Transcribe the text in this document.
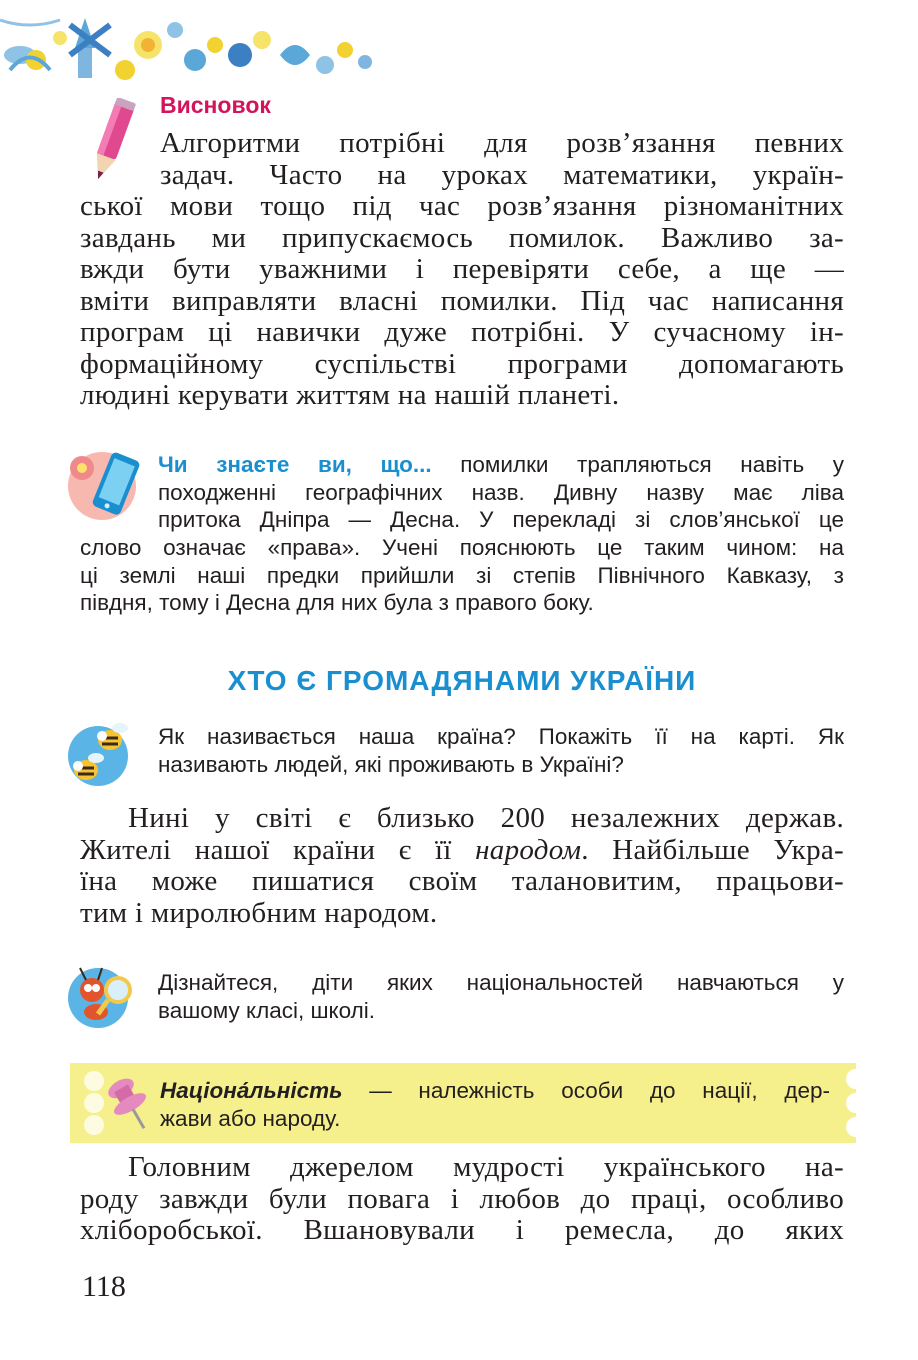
Висновок
Алгоритми потрібні для розв’язання певних
задач. Часто на уроках математики, україн-
ської мови тощо під час розв’язання різноманітних
завдань ми припускаємось помилок. Важливо за-
вжди бути уважними і перевіряти себе, а ще —
вміти виправляти власні помилки. Під час написання
програм ці навички дуже потрібні. У сучасному ін-
формаційному суспільстві програми допомагають
людині керувати життям на нашій планеті.
Чи знаєте ви, що... помилки трапляються навіть у
походженні географічних назв. Дивну назву має ліва
притока Дніпра — Десна. У перекладі зі слов’янської це
слово означає «права». Учені пояснюють це таким чином: на
ці землі наші предки прийшли зі степів Північного Кавказу, з
півдня, тому і Десна для них була з правого боку.
ХТО Є ГРОМАДЯНАМИ УКРАЇНИ
Як називається наша країна? Покажіть її на карті. Як
називають людей, які проживають в Україні?
Нині у світі є близько 200 незалежних держав.
Жителі нашої країни є її народом. Найбільше Укра-
їна може пишатися своїм талановитим, працьови-
тим і миролюбним народом.
Дізнайтеся, діти яких національностей навчаються у
вашому класі, школі.
Націона́льність — належність особи до нації, дер-
жави або народу.
Головним джерелом мудрості українського на-
роду завжди були повага і любов до праці, особливо
хліборобської. Вшановували і ремесла, до яких
118
